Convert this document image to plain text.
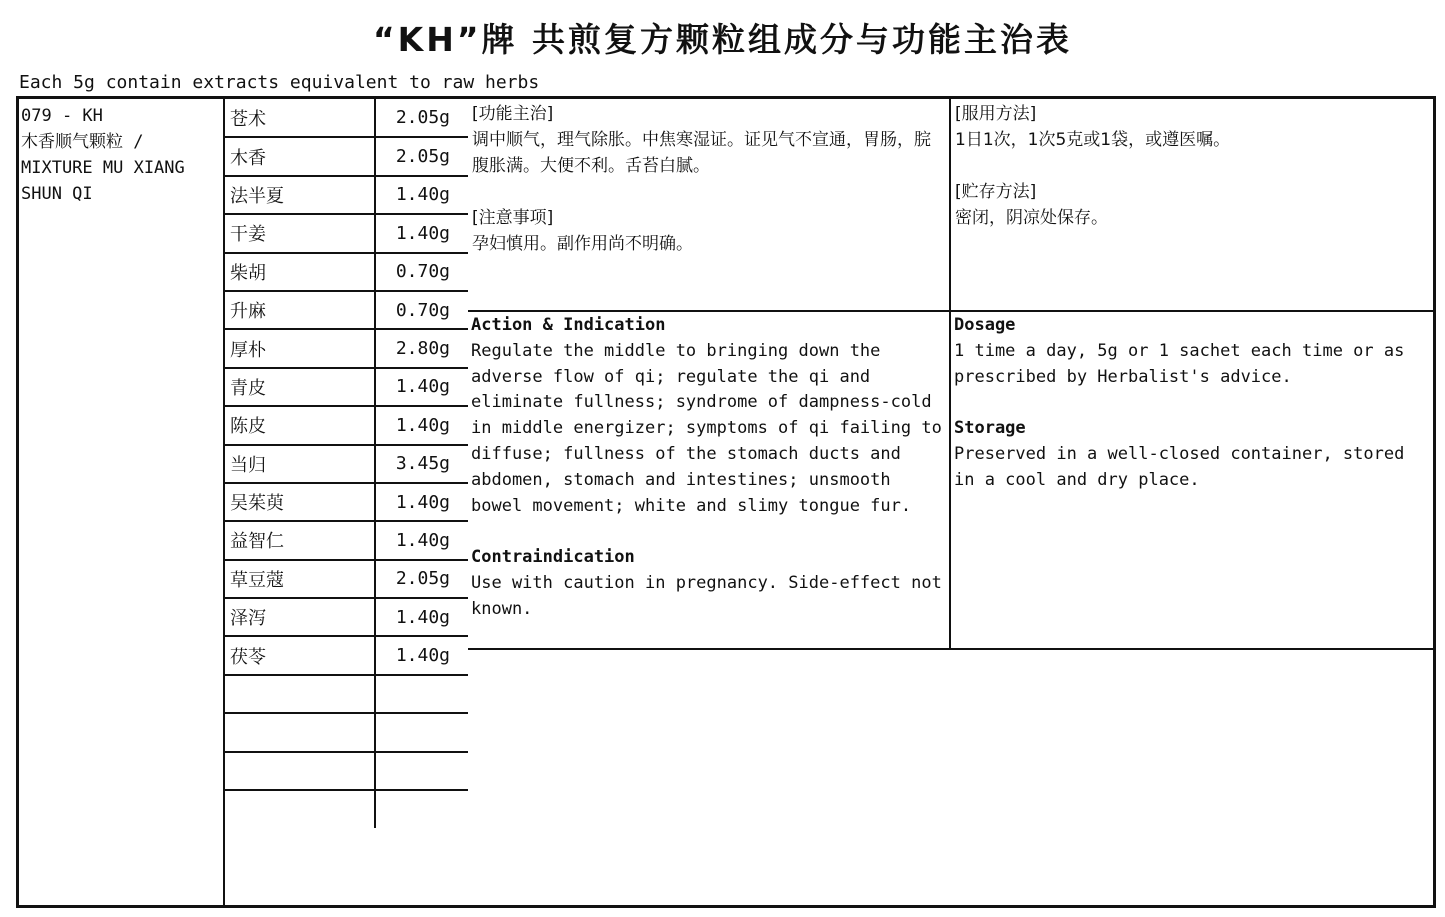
“KH”牌 共煎复方颗粒组成分与功能主治表
Each 5g contain extracts equivalent to raw herbs
079 - KH
木香顺气颗粒 /
MIXTURE MU XIANG
SHUN QI
苍术	2.05g
木香	2.05g
法半夏	1.40g
干姜	1.40g
柴胡	0.70g
升麻	0.70g
厚朴	2.80g
青皮	1.40g
陈皮	1.40g
当归	3.45g
吴茱萸	1.40g
益智仁	1.40g
草豆蔻	2.05g
泽泻	1.40g
茯苓	1.40g

[功能主治]
调中顺气，理气除胀。中焦寒湿证。证见气不宣通，胃肠，脘腹胀满。大便不利。舌苔白腻。
[注意事项]
孕妇慎用。副作用尚不明确。
[服用方法]
1日1次，1次5克或1袋，或遵医嘱。
[贮存方法]
密闭，阴凉处保存。
Action & Indication
Regulate the middle to bringing down the adverse flow of qi; regulate the qi and eliminate fullness; syndrome of dampness-cold in middle energizer; symptoms of qi failing to diffuse; fullness of the stomach ducts and abdomen, stomach and intestines; unsmooth bowel movement; white and slimy tongue fur.
Contraindication
Use with caution in pregnancy. Side-effect not known.
Dosage
1 time a day, 5g or 1 sachet each time or as prescribed by Herbalist's advice.
Storage
Preserved in a well-closed container, stored in a cool and dry place.
